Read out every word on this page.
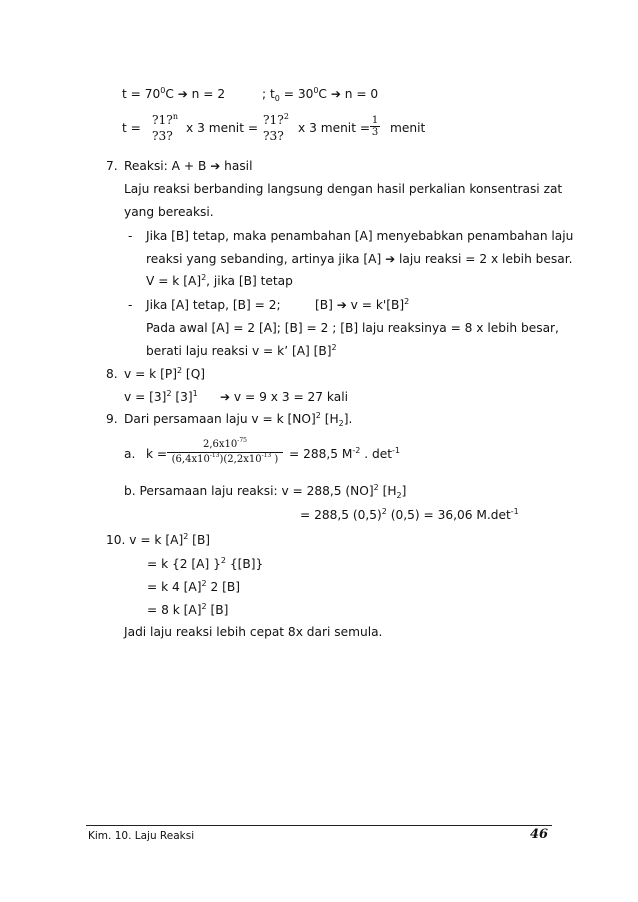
$t = 70^0C$ ➔ n = 2	; $t_0 = 30^0C$ ➔ n = 0
t =
?1?$^n$
?3?
x 3 menit =
?1?$^2$
?3?
x 3 menit = $\frac{1}{3}$ menit
7. Reaksi: A + B ➔ hasil
Laju reaksi berbanding langsung dengan hasil perkalian konsentrasi zat
yang bereaksi.
- Jika [B] tetap, maka penambahan [A] menyebabkan penambahan laju
reaksi yang sebanding, artinya jika [A] ➔ laju reaksi = 2 x lebih besar.
V = k $[A]^2$, jika [B] tetap
- Jika [A] tetap, [B] = 2;	[B] ➔ $v = k'[B]^2$
Pada awal [A] = 2 [A]; [B] = 2 ; [B] laju reaksinya = 8 x lebih besar,
berati laju reaksi v = k’ [A] $[B]^2$
8. v = k $[P]^2$ [Q]
$v = [3]^2$ $[3]^1$ ➔ v = 9 x 3 = 27 kali
9. Dari persamaan laju v = k [NO]$^2$ $[H_2]$.
a. $k = \frac{2,6x10^{-75}}{(6,4x10^{-13})(2,2x10^{-13} )} = 288,5$ $M^{-2}$ . $\det^{-1}$
b. Persamaan laju reaksi: v = 288,5 (NO]$^2$ $[H_2]$
= 288,5 $(0,5)^2$ (0,5) = 36,06 $M.\det^{-1}$
10. v = k $[A]^2$ [B]
= k {2 [A] }$^2$ {[B]}
= k 4 $[A]^2$ 2 [B]
= 8 k $[A]^2$ [B]
Jadi laju reaksi lebih cepat 8x dari semula.
Kim. 10. Laju Reaksi	46
